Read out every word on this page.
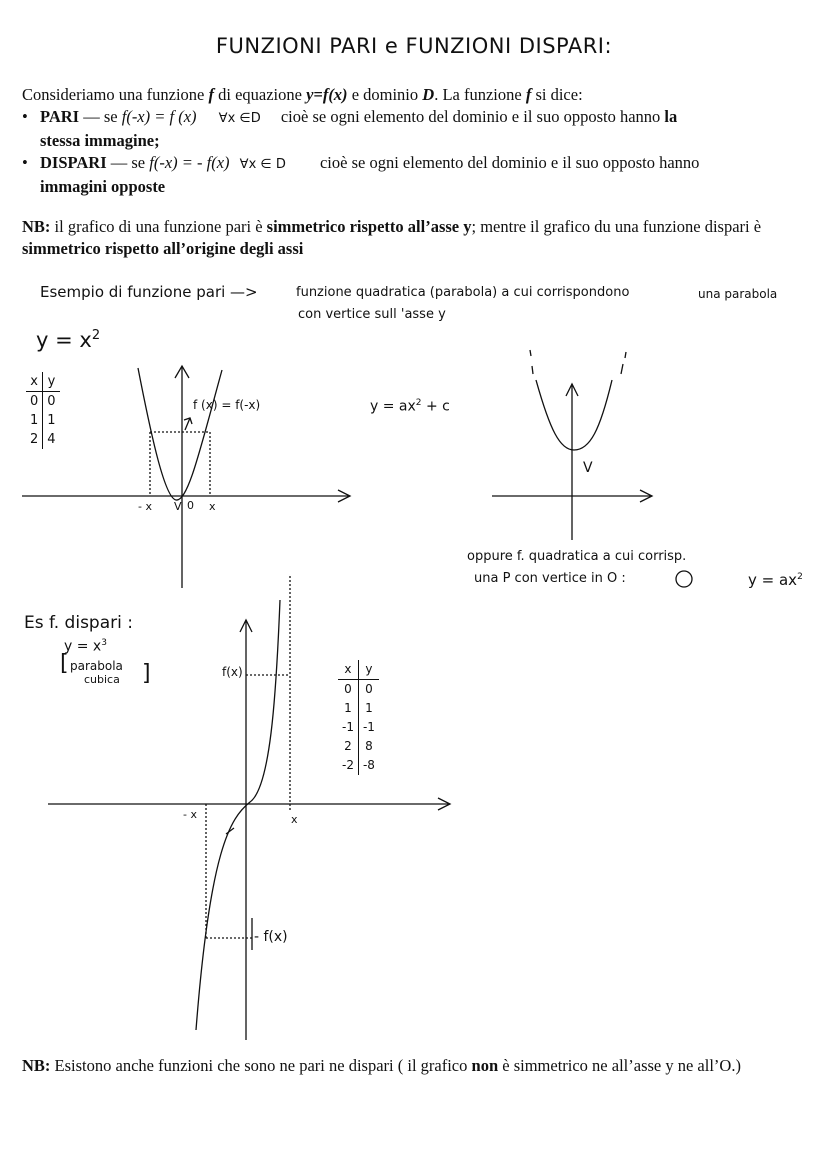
FUNZIONI PARI e FUNZIONI DISPARI:
Consideriamo una funzione f di equazione y=f(x) e dominio D. La funzione f si dice:
• PARI — se f(-x) = f (x) ∀x ∈D cioè se ogni elemento del dominio e il suo opposto hanno la
stessa immagine;
• DISPARI — se f(-x) = - f(x) ∀x ∈ D cioè se ogni elemento del dominio e il suo opposto hanno
immagini opposte
NB: il grafico di una funzione pari è simmetrico rispetto all’asse y; mentre il grafico du una funzione dispari è simmetrico rispetto all’origine degli assi
Esempio di funzione pari —>	funzione quadratica (parabola) a cui corrispondono	una parabola
con vertice sull 'asse y
$y = x^2$
x	y
0	0
1	1
2	4
f (x) = f(-x)	$y = ax^2 + c$
- x V 0 x
V
oppure f. quadratica a cui corrisp.
una P con vertice in O :	$y = ax^2$
Es f. dispari :
$y = x^3$
[ parabola
cubica ]	f(x)
- f(x)
- x	x
x	y
0	0
1	1
-1	-1
2	8
-2	-8
NB: Esistono anche funzioni che sono ne pari ne dispari ( il grafico non è simmetrico ne all’asse y ne all’O.)
